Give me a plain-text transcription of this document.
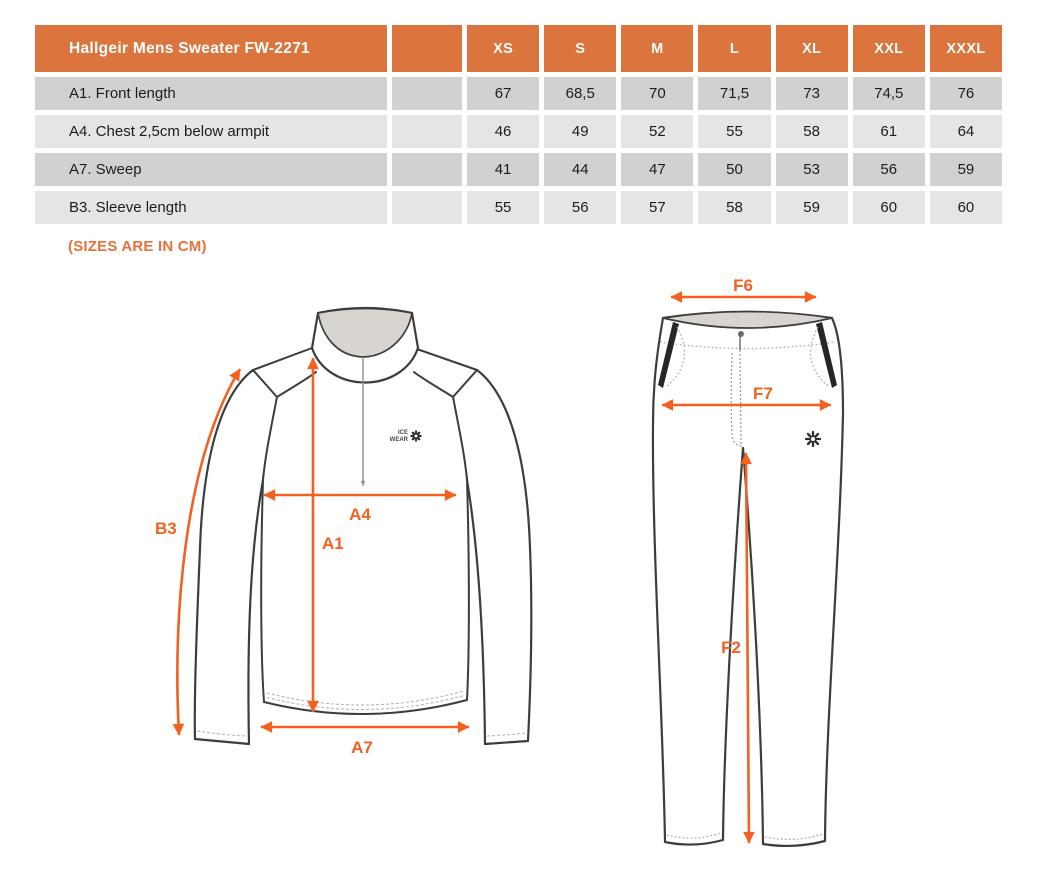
Hallgeir Mens Sweater FW-2271		XS	S	M	L	XL	XXL	XXXL
A1. Front length		67	68,5	70	71,5	73	74,5	76
A4. Chest 2,5cm below armpit		46	49	52	55	58	61	64
A7. Sweep		41	44	47	50	53	56	59
B3. Sleeve length		55	56	57	58	59	60	60
(SIZES ARE IN CM)
ICE
WEAR
B3
A1
A4
A7
F6
F7
F2
